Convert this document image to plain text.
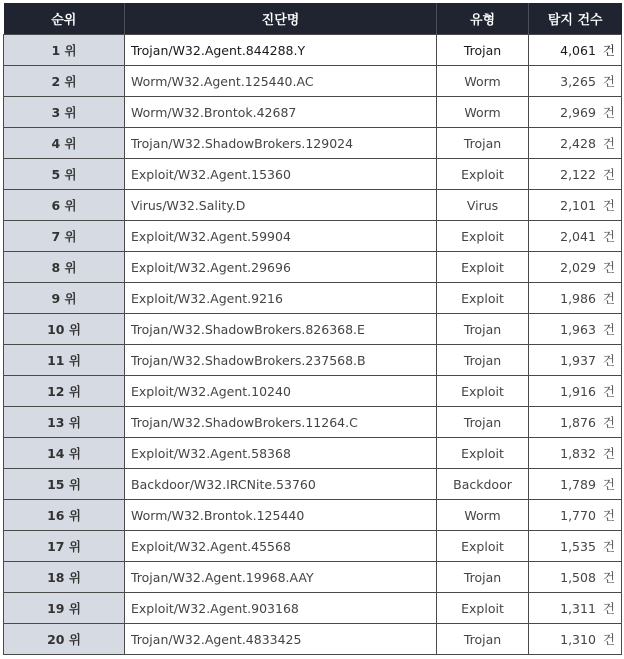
순위	진단명	유형	탐지 건수
1 위	Trojan/W32.Agent.844288.Y	Trojan	4,061 건
2 위	Worm/W32.Agent.125440.AC	Worm	3,265 건
3 위	Worm/W32.Brontok.42687	Worm	2,969 건
4 위	Trojan/W32.ShadowBrokers.129024	Trojan	2,428 건
5 위	Exploit/W32.Agent.15360	Exploit	2,122 건
6 위	Virus/W32.Sality.D	Virus	2,101 건
7 위	Exploit/W32.Agent.59904	Exploit	2,041 건
8 위	Exploit/W32.Agent.29696	Exploit	2,029 건
9 위	Exploit/W32.Agent.9216	Exploit	1,986 건
10 위	Trojan/W32.ShadowBrokers.826368.E	Trojan	1,963 건
11 위	Trojan/W32.ShadowBrokers.237568.B	Trojan	1,937 건
12 위	Exploit/W32.Agent.10240	Exploit	1,916 건
13 위	Trojan/W32.ShadowBrokers.11264.C	Trojan	1,876 건
14 위	Exploit/W32.Agent.58368	Exploit	1,832 건
15 위	Backdoor/W32.IRCNite.53760	Backdoor	1,789 건
16 위	Worm/W32.Brontok.125440	Worm	1,770 건
17 위	Exploit/W32.Agent.45568	Exploit	1,535 건
18 위	Trojan/W32.Agent.19968.AAY	Trojan	1,508 건
19 위	Exploit/W32.Agent.903168	Exploit	1,311 건
20 위	Trojan/W32.Agent.4833425	Trojan	1,310 건
